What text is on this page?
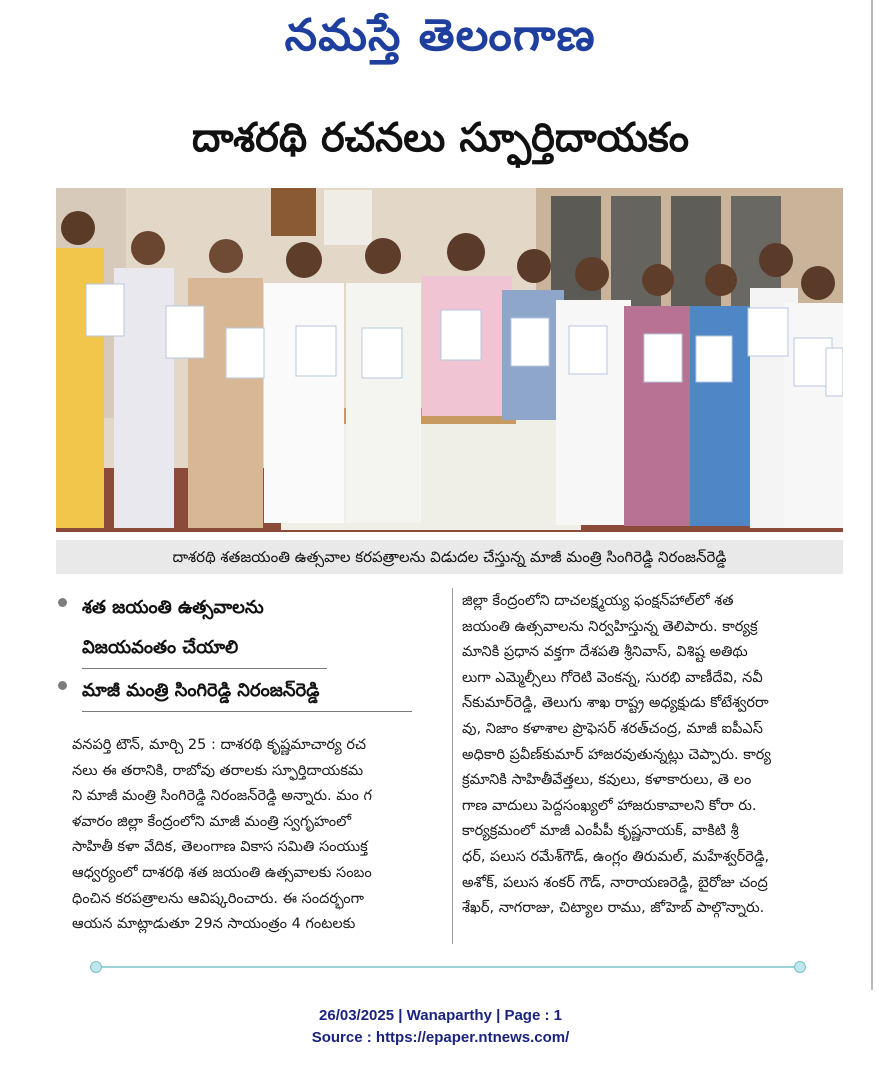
నమస్తే తెలంగాణ
దాశరథి రచనలు స్ఫూర్తిదాయకం
దాశరథి శతజయంతి ఉత్సవాల కరపత్రాలను విడుదల చేస్తున్న మాజీ మంత్రి సింగిరెడ్డి నిరంజన్‌రెడ్డి
శత జయంతి ఉత్సవాలను
విజయవంతం చేయాలి
మాజీ మంత్రి సింగిరెడ్డి నిరంజన్‌రెడ్డి
వనపర్తి టౌన్, మార్చి 25 : దాశరథి కృష్ణమాచార్య రచ
నలు ఈ తరానికి, రాబోవు తరాలకు స్ఫూర్తిదాయకమ
ని మాజీ మంత్రి సింగిరెడ్డి నిరంజన్‌రెడ్డి అన్నారు. మం గ
ళవారం జిల్లా కేంద్రంలోని మాజీ మంత్రి స్వగృహంలో
సాహితీ కళా వేదిక, తెలంగాణ వికాస సమితి సంయుక్త
ఆధ్వర్యంలో దాశరథి శత జయంతి ఉత్సవాలకు సంబం
ధించిన కరపత్రాలను ఆవిష్కరించారు. ఈ సందర్భంగా
ఆయన మాట్లాడుతూ 29న సాయంత్రం 4 గంటలకు
జిల్లా కేంద్రంలోని దాచలక్ష్మయ్య ఫంక్షన్‌హాల్‌లో శత
జయంతి ఉత్సవాలను నిర్వహిస్తున్న తెలిపారు. కార్యక్ర
మానికి ప్రధాన వక్తగా దేశపతి శ్రీనివాస్, విశిష్ట అతిథు
లుగా ఎమ్మెల్సీలు గోరెటి వెంకన్న, సురభి వాణీదేవి, నవీ
న్‌కుమార్‌రెడ్డి, తెలుగు శాఖ రాష్ట్ర అధ్యక్షుడు కోటేశ్వరరా
వు, నిజాం కళాశాల ప్రొఫెసర్ శరత్‌చంద్ర, మాజీ ఐపీఎస్
అధికారి ప్రవీణ్‌కుమార్ హాజరవుతున్నట్లు చెప్పారు. కార్య
క్రమానికి సాహితీవేత్తలు, కవులు, కళాకారులు, తె లం
గాణ వాదులు పెద్దసంఖ్యలో హాజరుకావాలని కోరా రు.
కార్యక్రమంలో మాజీ ఎంపీపీ కృష్ణనాయక్, వాకిటి శ్రీ
ధర్, పలుస రమేశ్‌గౌడ్, ఉంగ్లం తిరుమల్, మహేశ్వర్‌రెడ్డి,
అశోక్, పలుస శంకర్ గౌడ్, నారాయణరెడ్డి, బైరోజు చంద్ర
శేఖర్, నాగరాజు, చిట్యాల రాము, జోహెబ్ పాల్గొన్నారు.
26/03/2025 | Wanaparthy | Page : 1
Source : https://epaper.ntnews.com/
